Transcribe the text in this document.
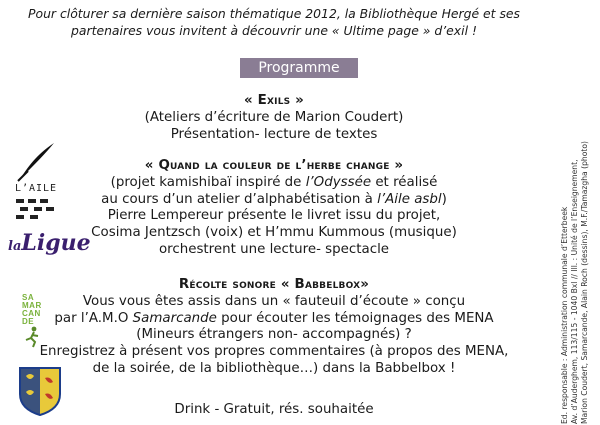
Pour clôturer sa dernière saison thématique 2012, la Bibliothèque Hergé et ses
partenaires vous invitent à découvrir une « Ultime page » d’exil !
Programme
« Exils »
(Ateliers d’écriture de Marion Coudert)
Présentation- lecture de textes
« Quand la couleur de l’herbe change »
(projet kamishibaï inspiré de l’Odyssée et réalisé
au cours d’un atelier d’alphabétisation à l’Aile asbl)
Pierre Lempereur présente le livret issu du projet,
Cosima Jentzsch (voix) et H’mmu Kummous (musique)
orchestrent une lecture- spectacle
Récolte sonore « Babbelbox»
Vous vous êtes assis dans un « fauteuil d’écoute » conçu
par l’A.M.O Samarcande pour écouter les témoignages des MENA
(Mineurs étrangers non- accompagnés) ?
Enregistrez à présent vos propres commentaires (à propos des MENA,
de la soirée, de la bibliothèque…) dans la Babbelbox !
Drink - Gratuit, rés. souhaitée
L’AILE
laLigue
SA
MAR
CAN
DE	Ed. responsable : Administration communale d’Etterbeek Av. d’Auderghem, 113/115 - 1040 Bxl // Ill. : Unité de l’Enseignement, Marion Coudert, Samarcande, Alain Roch (dessins), M.F./Tamazgha (photo)
